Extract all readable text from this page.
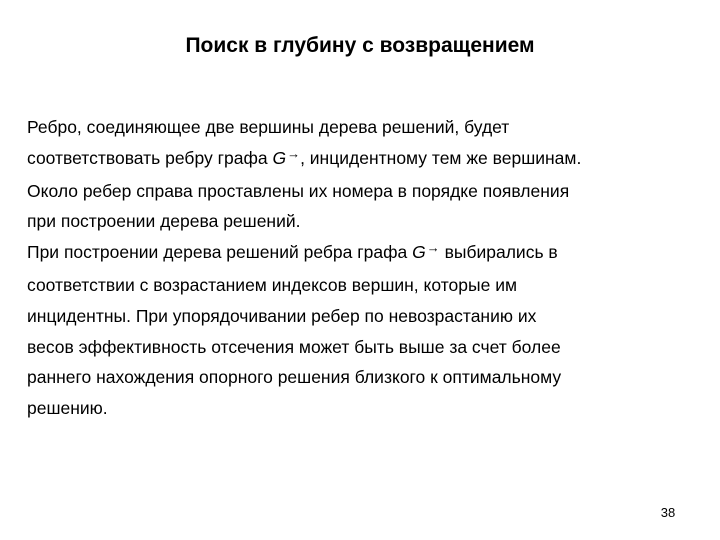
Поиск в глубину с возвращением

Ребро, соединяющее две вершины дерева решений, будет
соответствовать ребру графа G→, инцидентному тем же вершинам.
Около ребер справа проставлены их номера в порядке появления
при построении дерева решений.

При построении дерева решений ребра графа G→ выбирались в
соответствии с возрастанием индексов вершин, которые им
инцидентны. При упорядочивании ребер по невозрастанию их
весов эффективность отсечения может быть выше за счет более
раннего нахождения опорного решения близкого к оптимальному
решению.

38
